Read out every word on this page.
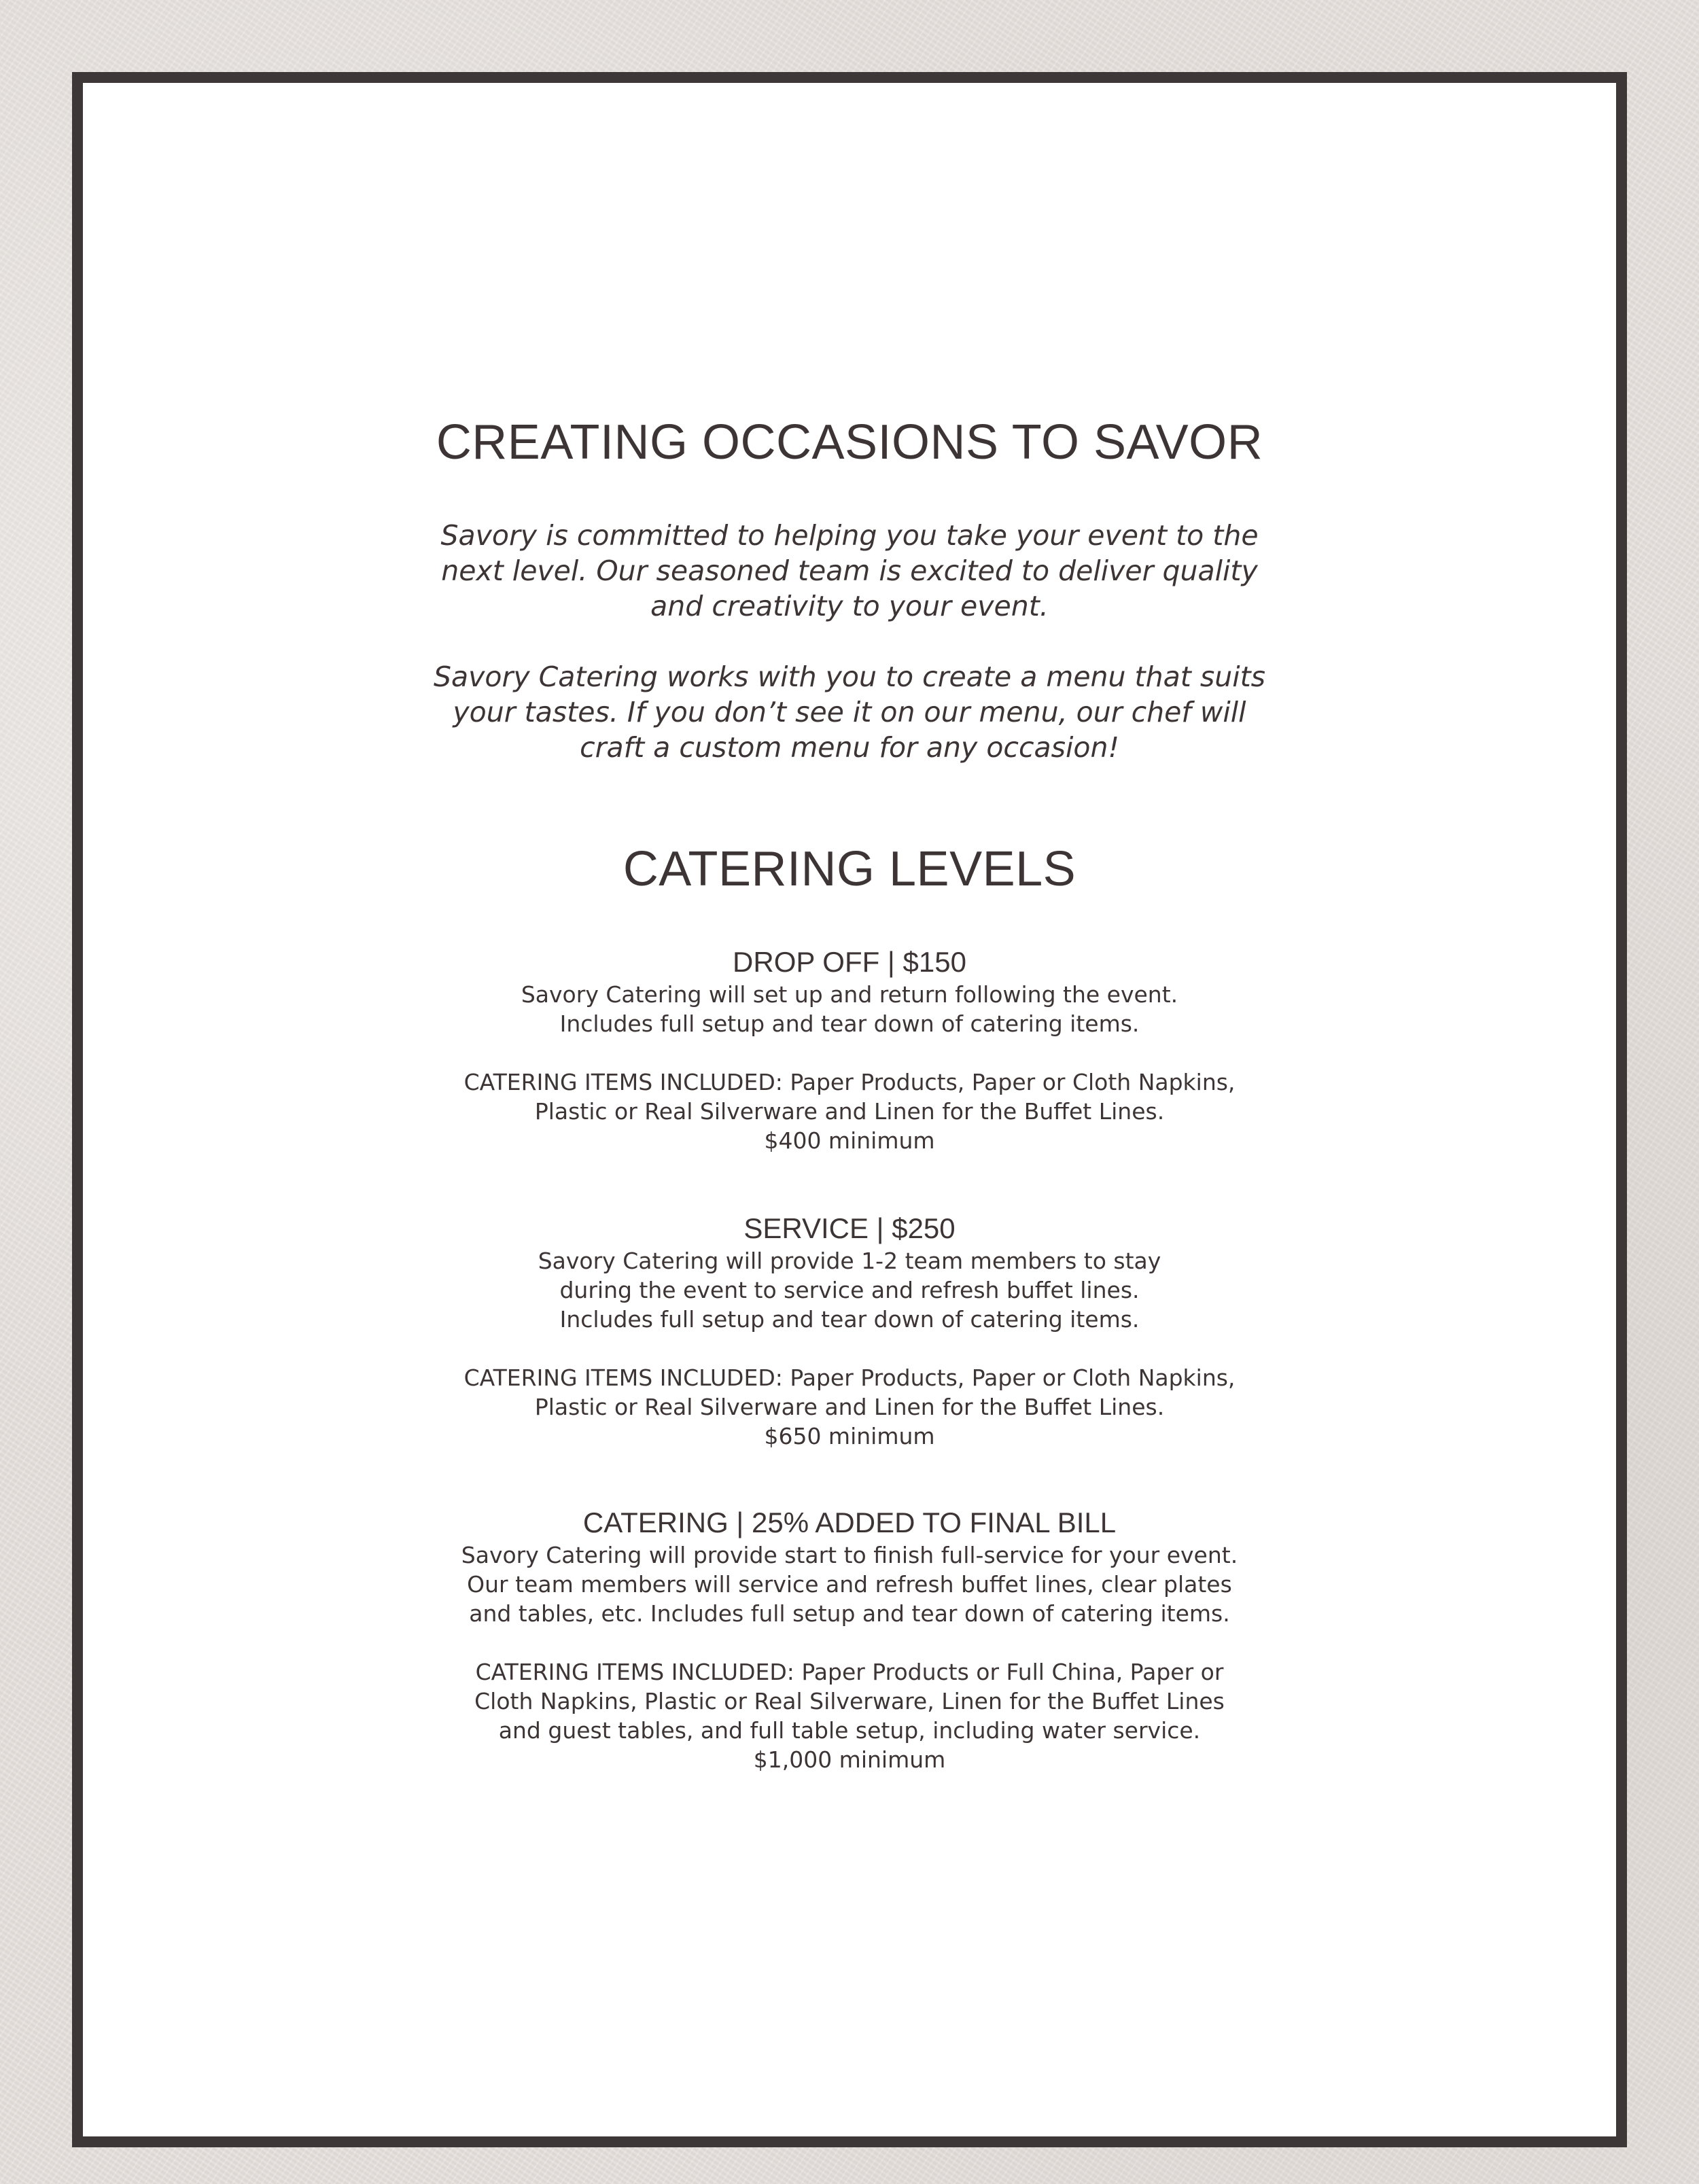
CREATING OCCASIONS TO SAVOR
Savory is committed to helping you take your event to the
next level. Our seasoned team is excited to deliver quality
and creativity to your event.
Savory Catering works with you to create a menu that suits
your tastes. If you don’t see it on our menu, our chef will
craft a custom menu for any occasion!
CATERING LEVELS

DROP OFF | $150

Savory Catering will set up and return following the event.
Includes full setup and tear down of catering items.

CATERING ITEMS INCLUDED: Paper Products, Paper or Cloth Napkins,
Plastic or Real Silverware and Linen for the Buffet Lines.

$400 minimum

SERVICE | $250

Savory Catering will provide 1-2 team members to stay
during the event to service and refresh buffet lines.
Includes full setup and tear down of catering items.

CATERING ITEMS INCLUDED: Paper Products, Paper or Cloth Napkins,
Plastic or Real Silverware and Linen for the Buffet Lines.

$650 minimum

CATERING | 25% ADDED TO FINAL BILL

Savory Catering will provide start to finish full-service for your event.
Our team members will service and refresh buffet lines, clear plates
and tables, etc. Includes full setup and tear down of catering items.

CATERING ITEMS INCLUDED: Paper Products or Full China, Paper or
Cloth Napkins, Plastic or Real Silverware, Linen for the Buffet Lines
and guest tables, and full table setup, including water service.

$1,000 minimum
